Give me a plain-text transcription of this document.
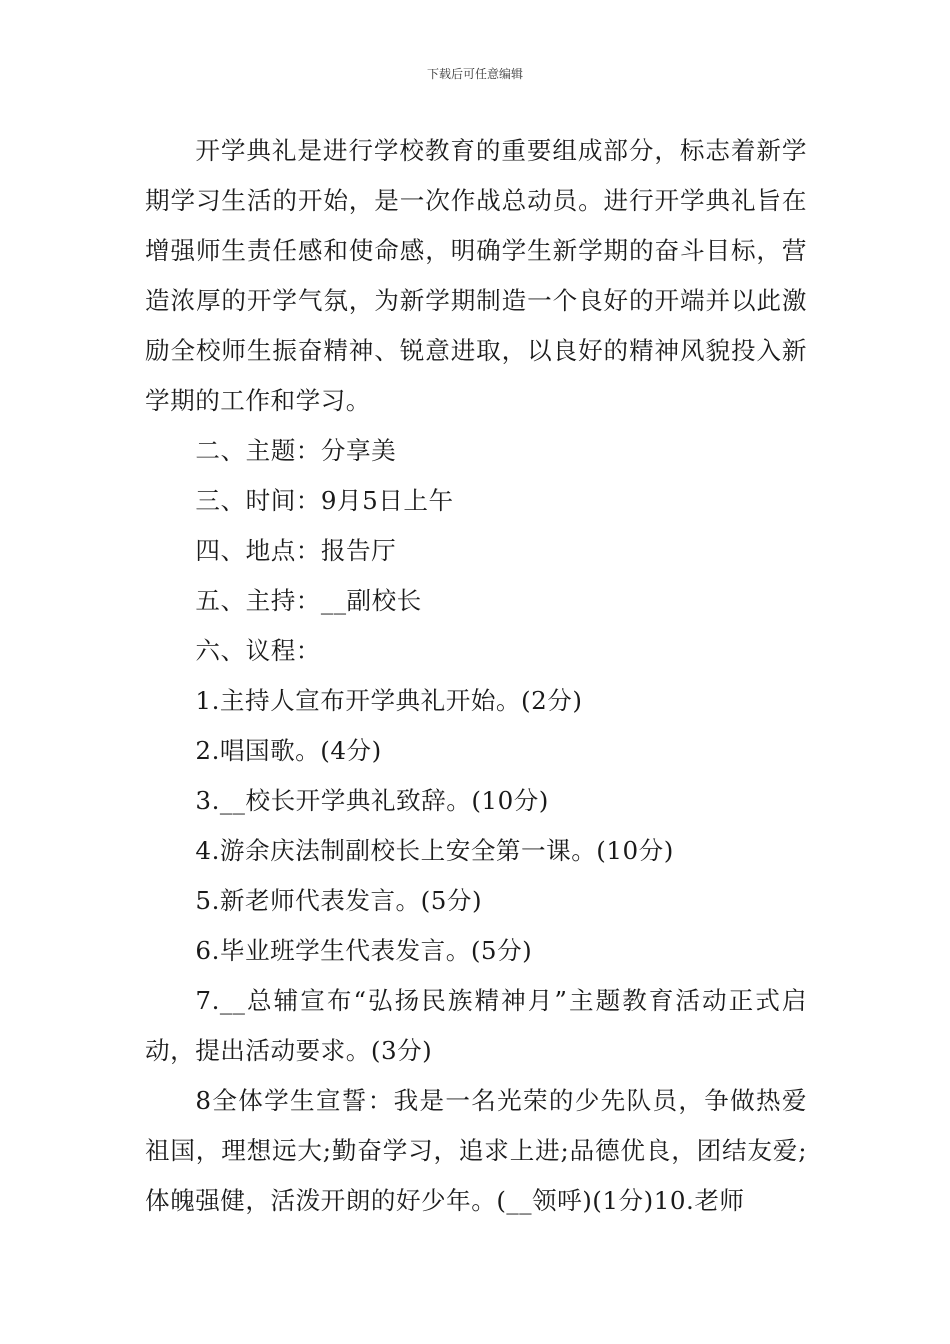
下载后可任意编辑

开学典礼是进行学校教育的重要组成部分，标志着新学期学习生活的开始，是一次作战总动员。进行开学典礼旨在增强师生责任感和使命感，明确学生新学期的奋斗目标，营造浓厚的开学气氛，为新学期制造一个良好的开端并以此激励全校师生振奋精神、锐意进取，以良好的精神风貌投入新学期的工作和学习。

二、主题：分享美

三、时间：9月5日上午

四、地点：报告厅

五、主持：__副校长

六、议程：

1.主持人宣布开学典礼开始。(2分)

2.唱国歌。(4分)

3.__校长开学典礼致辞。(10分)

4.游余庆法制副校长上安全第一课。(10分)

5.新老师代表发言。(5分)

6.毕业班学生代表发言。(5分)

7.__总辅宣布“弘扬民族精神月”主题教育活动正式启动，提出活动要求。(3分)

8全体学生宣誓：我是一名光荣的少先队员，争做热爱祖国，理想远大;勤奋学习，追求上进;品德优良，团结友爱;体魄强健，活泼开朗的好少年。(__领呼)(1分)10.老师
